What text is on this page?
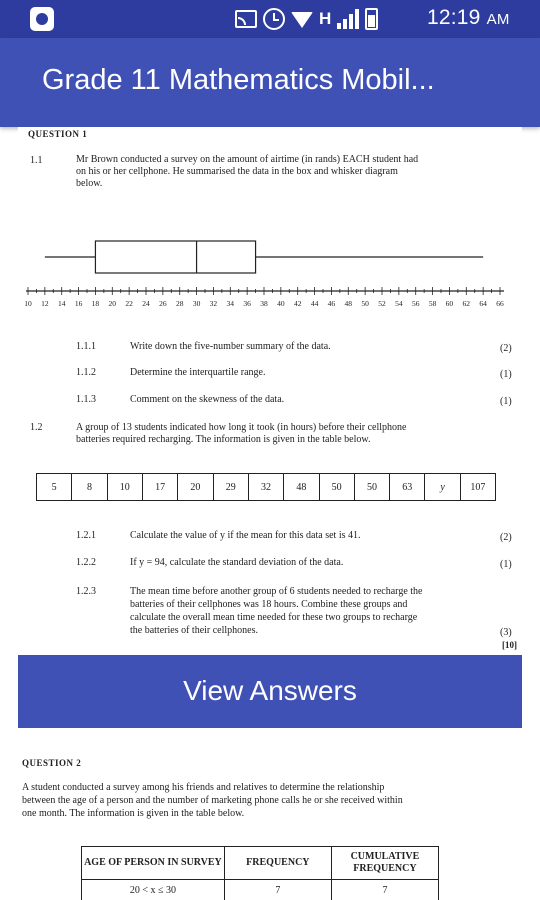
H	12:19 AM
Grade 11 Mathematics Mobil...
QUESTION 1
1.1	Mr Brown conducted a survey on the amount of airtime (in rands) EACH student had
on his or her cellphone. He summarised the data in the box and whisker diagram
below.
10 12 14 16 18 20 22 24 26 28 30 32 34 36 38 40 42 44 46 48 50 52 54 56 58 60 62 64 66
1.1.1	Write down the five-number summary of the data.	(2)
1.1.2	Determine the interquartile range.	(1)
1.1.3	Comment on the skewness of the data.	(1)
1.2	A group of 13 students indicated how long it took (in hours) before their cellphone
batteries required recharging. The information is given in the table below.
5	8	10	17	20	29	32	48	50	50	63	y	107
1.2.1	Calculate the value of y if the mean for this data set is 41.	(2)
1.2.2	If y = 94, calculate the standard deviation of the data.	(1)
1.2.3	The mean time before another group of 6 students needed to recharge the
batteries of their cellphones was 18 hours. Combine these groups and
calculate the overall mean time needed for these two groups to recharge
the batteries of their cellphones.	(3)
[10]
View Answers
QUESTION 2
A student conducted a survey among his friends and relatives to determine the relationship
between the age of a person and the number of marketing phone calls he or she received within
one month. The information is given in the table below.
AGE OF PERSON IN SURVEY	FREQUENCY	CUMULATIVE FREQUENCY
20 < x ≤ 30	7	7
